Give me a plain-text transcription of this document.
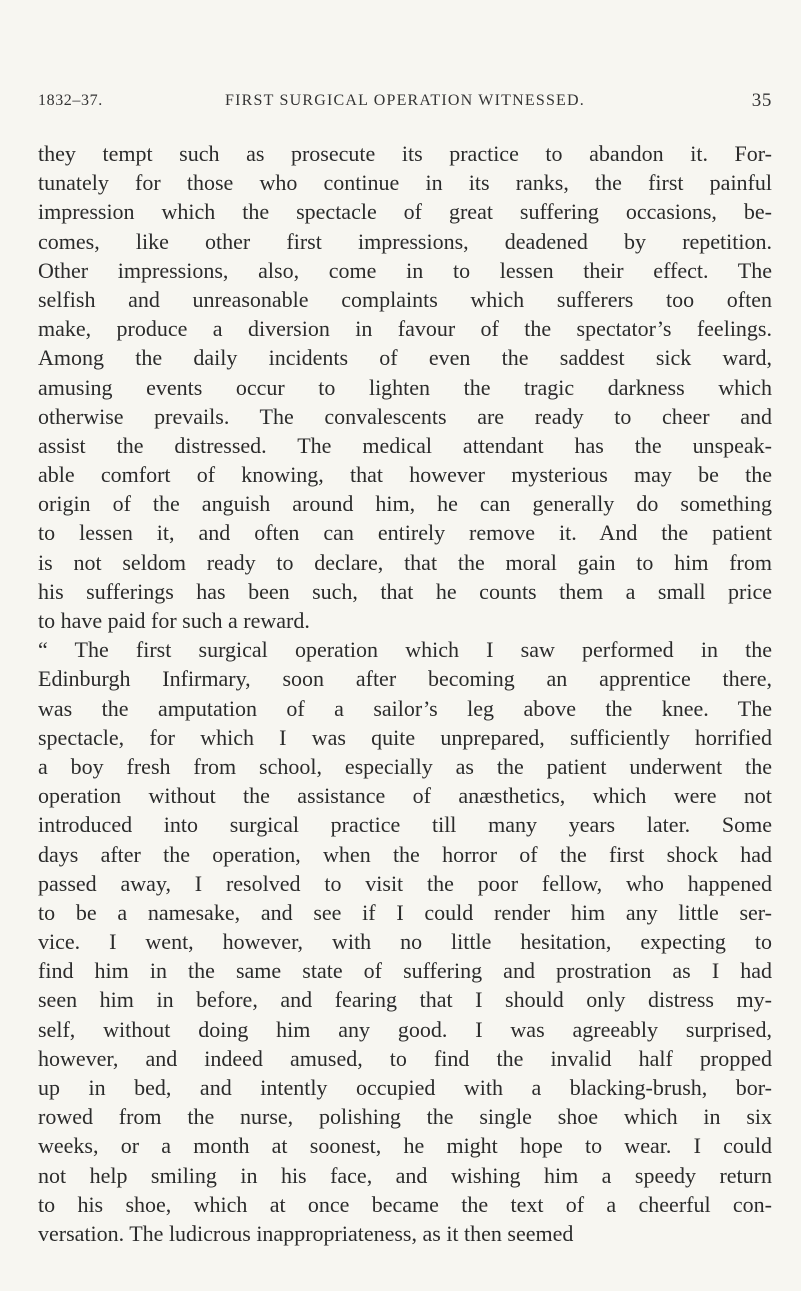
1832–37.	FIRST SURGICAL OPERATION WITNESSED.	35
they tempt such as prosecute its practice to abandon it. For-
tunately for those who continue in its ranks, the first painful
impression which the spectacle of great suffering occasions, be-
comes, like other first impressions, deadened by repetition.
Other impressions, also, come in to lessen their effect. The
selfish and unreasonable complaints which sufferers too often
make, produce a diversion in favour of the spectator’s feelings.
Among the daily incidents of even the saddest sick ward,
amusing events occur to lighten the tragic darkness which
otherwise prevails. The convalescents are ready to cheer and
assist the distressed. The medical attendant has the unspeak-
able comfort of knowing, that however mysterious may be the
origin of the anguish around him, he can generally do something
to lessen it, and often can entirely remove it. And the patient
is not seldom ready to declare, that the moral gain to him from
his sufferings has been such, that he counts them a small price
to have paid for such a reward.
“ The first surgical operation which I saw performed in the
Edinburgh Infirmary, soon after becoming an apprentice there,
was the amputation of a sailor’s leg above the knee. The
spectacle, for which I was quite unprepared, sufficiently horrified
a boy fresh from school, especially as the patient underwent the
operation without the assistance of anæsthetics, which were not
introduced into surgical practice till many years later. Some
days after the operation, when the horror of the first shock had
passed away, I resolved to visit the poor fellow, who happened
to be a namesake, and see if I could render him any little ser-
vice. I went, however, with no little hesitation, expecting to
find him in the same state of suffering and prostration as I had
seen him in before, and fearing that I should only distress my-
self, without doing him any good. I was agreeably surprised,
however, and indeed amused, to find the invalid half propped
up in bed, and intently occupied with a blacking-brush, bor-
rowed from the nurse, polishing the single shoe which in six
weeks, or a month at soonest, he might hope to wear. I could
not help smiling in his face, and wishing him a speedy return
to his shoe, which at once became the text of a cheerful con-
versation. The ludicrous inappropriateness, as it then seemed
